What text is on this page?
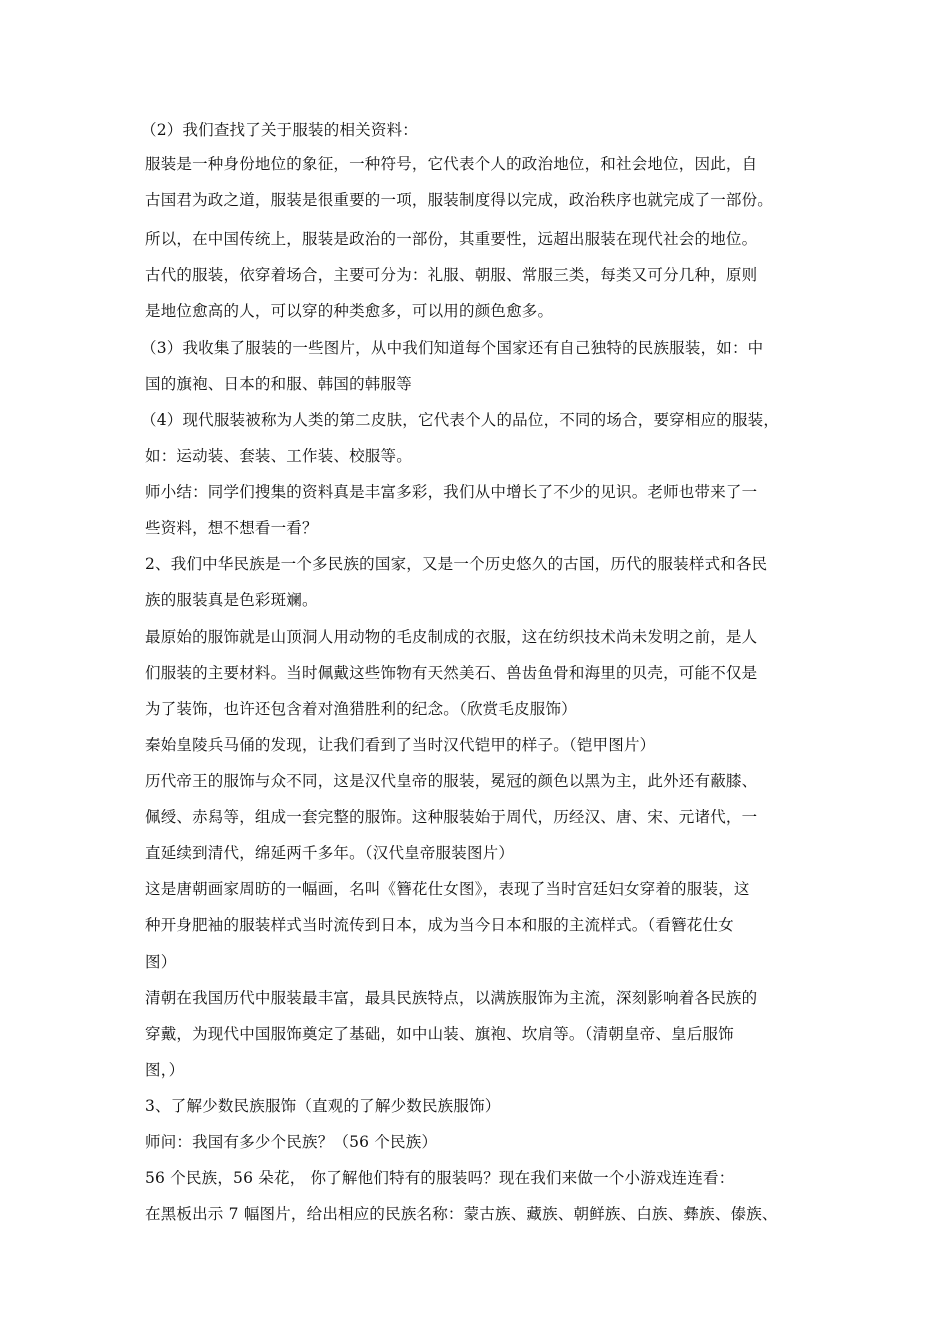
（2）我们查找了关于服装的相关资料：
服装是一种身份地位的象征，一种符号，它代表个人的政治地位，和社会地位，因此，自
古国君为政之道，服装是很重要的一项，服装制度得以完成，政治秩序也就完成了一部份。
所以，在中国传统上，服装是政治的一部份，其重要性，远超出服装在现代社会的地位。
古代的服装，依穿着场合，主要可分为：礼服、朝服、常服三类，每类又可分几种，原则
是地位愈高的人，可以穿的种类愈多，可以用的颜色愈多。
（3）我收集了服装的一些图片，从中我们知道每个国家还有自己独特的民族服装，如：中
国的旗袍、日本的和服、韩国的韩服等
（4）现代服装被称为人类的第二皮肤，它代表个人的品位，不同的场合，要穿相应的服装，
如：运动装、套装、工作装、校服等。
师小结：同学们搜集的资料真是丰富多彩，我们从中增长了不少的见识。老师也带来了一
些资料，想不想看一看？
2、我们中华民族是一个多民族的国家，又是一个历史悠久的古国，历代的服装样式和各民
族的服装真是色彩斑斓。
最原始的服饰就是山顶洞人用动物的毛皮制成的衣服，这在纺织技术尚未发明之前，是人
们服装的主要材料。当时佩戴这些饰物有天然美石、兽齿鱼骨和海里的贝壳，可能不仅是
为了装饰，也许还包含着对渔猎胜利的纪念。（欣赏毛皮服饰）
秦始皇陵兵马俑的发现，让我们看到了当时汉代铠甲的样子。（铠甲图片）
历代帝王的服饰与众不同，这是汉代皇帝的服装，冕冠的颜色以黑为主，此外还有蔽膝、
佩绶、赤舄等，组成一套完整的服饰。这种服装始于周代，历经汉、唐、宋、元诸代，一
直延续到清代，绵延两千多年。（汉代皇帝服装图片）
这是唐朝画家周昉的一幅画，名叫《簪花仕女图》，表现了当时宫廷妇女穿着的服装，这
种开身肥袖的服装样式当时流传到日本，成为当今日本和服的主流样式。（看簪花仕女
图）
清朝在我国历代中服装最丰富，最具民族特点，以满族服饰为主流，深刻影响着各民族的
穿戴，为现代中国服饰奠定了基础，如中山装、旗袍、坎肩等。（清朝皇帝、皇后服饰
图，）
3、了解少数民族服饰（直观的了解少数民族服饰）
师问：我国有多少个民族？（56 个民族）
56 个民族，56 朵花， 你了解他们特有的服装吗？现在我们来做一个小游戏连连看：
在黑板出示 7 幅图片，给出相应的民族名称：蒙古族、藏族、朝鲜族、白族、彝族、傣族、
